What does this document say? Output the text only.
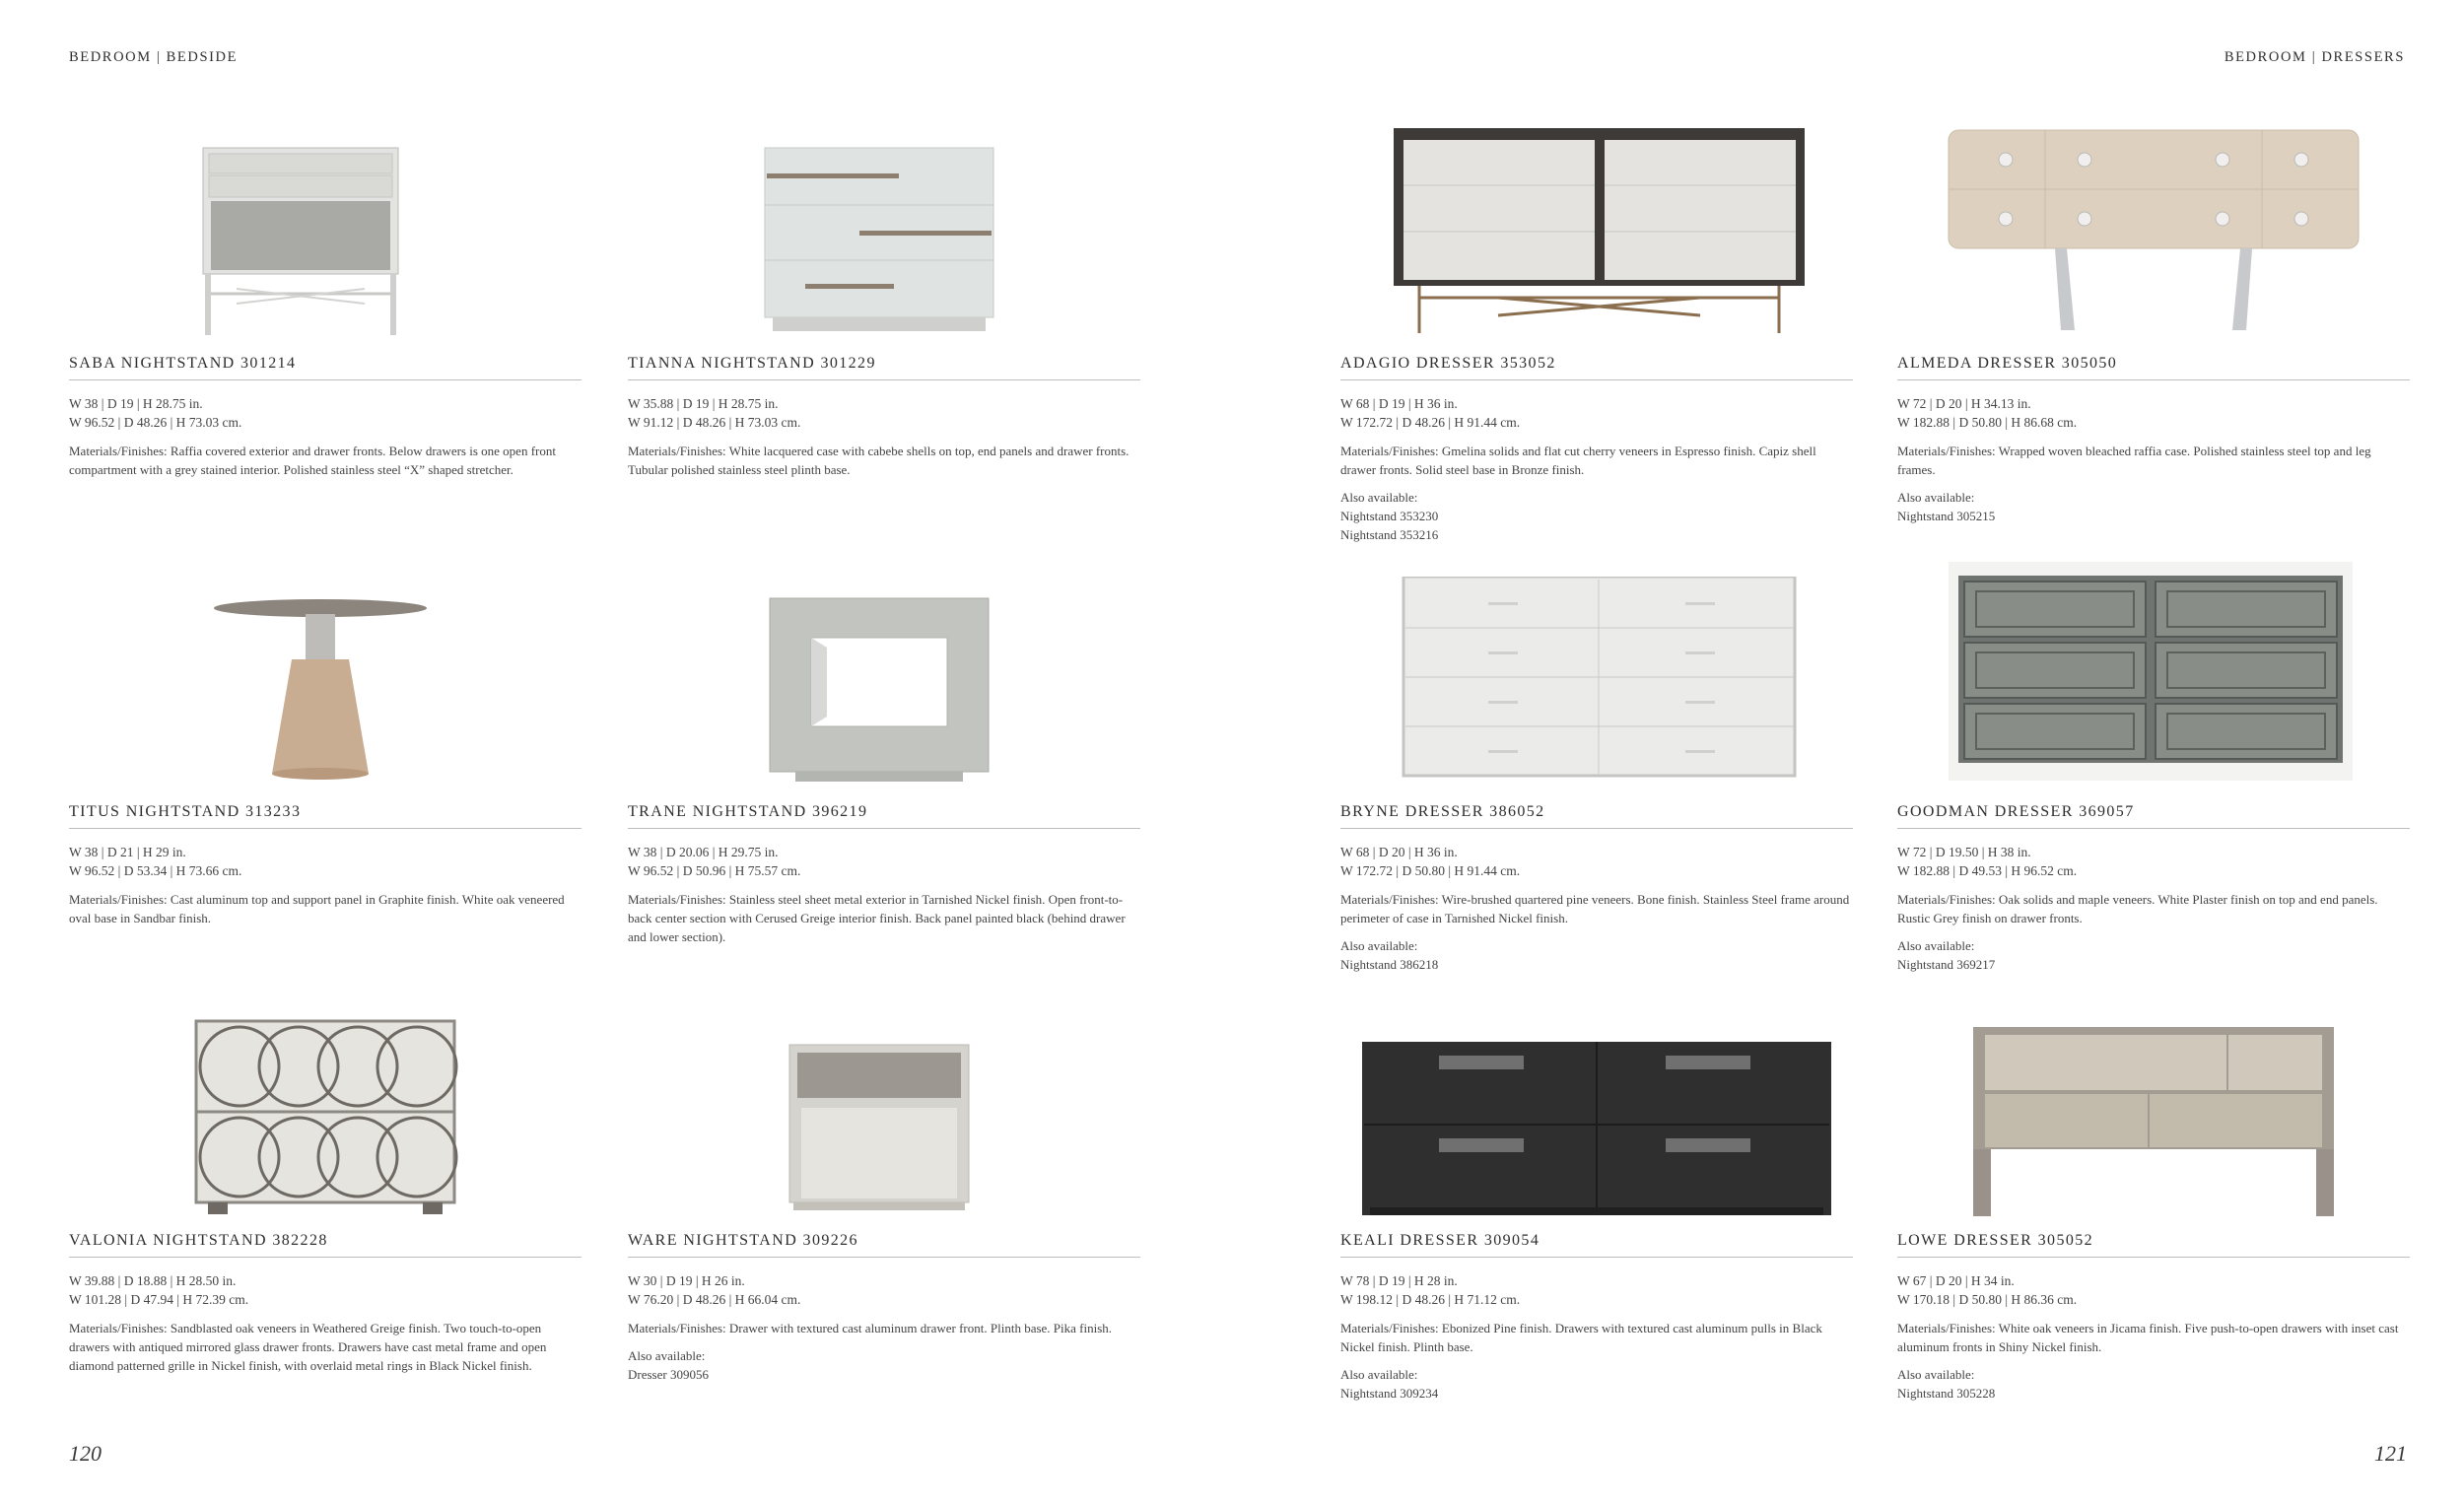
BEDROOM | BEDSIDE	BEDROOM | DRESSERS
SABA NIGHTSTAND 301214
W 38 | D 19 | H 28.75 in.
W 96.52 | D 48.26 | H 73.03 cm.
Materials/Finishes: Raffia covered exterior and drawer fronts. Below drawers is one open front compartment with a grey stained interior. Polished stainless steel “X” shaped stretcher.
TIANNA NIGHTSTAND 301229
W 35.88 | D 19 | H 28.75 in.
W 91.12 | D 48.26 | H 73.03 cm.
Materials/Finishes: White lacquered case with cabebe shells on top, end panels and drawer fronts. Tubular polished stainless steel plinth base.
TITUS NIGHTSTAND 313233
W 38 | D 21 | H 29 in.
W 96.52 | D 53.34 | H 73.66 cm.
Materials/Finishes: Cast aluminum top and support panel in Graphite finish. White oak veneered oval base in Sandbar finish.
TRANE NIGHTSTAND 396219
W 38 | D 20.06 | H 29.75 in.
W 96.52 | D 50.96 | H 75.57 cm.
Materials/Finishes: Stainless steel sheet metal exterior in Tarnished Nickel finish. Open front-to-back center section with Cerused Greige interior finish. Back panel painted black (behind drawer and lower section).
VALONIA NIGHTSTAND 382228
W 39.88 | D 18.88 | H 28.50 in.
W 101.28 | D 47.94 | H 72.39 cm.
Materials/Finishes: Sandblasted oak veneers in Weathered Greige finish. Two touch-to-open drawers with antiqued mirrored glass drawer fronts. Drawers have cast metal frame and open diamond patterned grille in Nickel finish, with overlaid metal rings in Black Nickel finish.
WARE NIGHTSTAND 309226
W 30 | D 19 | H 26 in.
W 76.20 | D 48.26 | H 66.04 cm.
Materials/Finishes: Drawer with textured cast aluminum drawer front. Plinth base. Pika finish.
Also available:
Dresser 309056
ADAGIO DRESSER 353052
W 68 | D 19 | H 36 in.
W 172.72 | D 48.26 | H 91.44 cm.
Materials/Finishes: Gmelina solids and flat cut cherry veneers in Espresso finish. Capiz shell drawer fronts. Solid steel base in Bronze finish.
Also available:
Nightstand 353230
Nightstand 353216
ALMEDA DRESSER 305050
W 72 | D 20 | H 34.13 in.
W 182.88 | D 50.80 | H 86.68 cm.
Materials/Finishes: Wrapped woven bleached raffia case. Polished stainless steel top and leg frames.
Also available:
Nightstand 305215
BRYNE DRESSER 386052
W 68 | D 20 | H 36 in.
W 172.72 | D 50.80 | H 91.44 cm.
Materials/Finishes: Wire-brushed quartered pine veneers. Bone finish. Stainless Steel frame around perimeter of case in Tarnished Nickel finish.
Also available:
Nightstand 386218
GOODMAN DRESSER 369057
W 72 | D 19.50 | H 38 in.
W 182.88 | D 49.53 | H 96.52 cm.
Materials/Finishes: Oak solids and maple veneers. White Plaster finish on top and end panels. Rustic Grey finish on drawer fronts.
Also available:
Nightstand 369217
KEALI DRESSER 309054
W 78 | D 19 | H 28 in.
W 198.12 | D 48.26 | H 71.12 cm.
Materials/Finishes: Ebonized Pine finish. Drawers with textured cast aluminum pulls in Black Nickel finish. Plinth base.
Also available:
Nightstand 309234
LOWE DRESSER 305052
W 67 | D 20 | H 34 in.
W 170.18 | D 50.80 | H 86.36 cm.
Materials/Finishes: White oak veneers in Jicama finish. Five push-to-open drawers with inset cast aluminum fronts in Shiny Nickel finish.
Also available:
Nightstand 305228
120	121
